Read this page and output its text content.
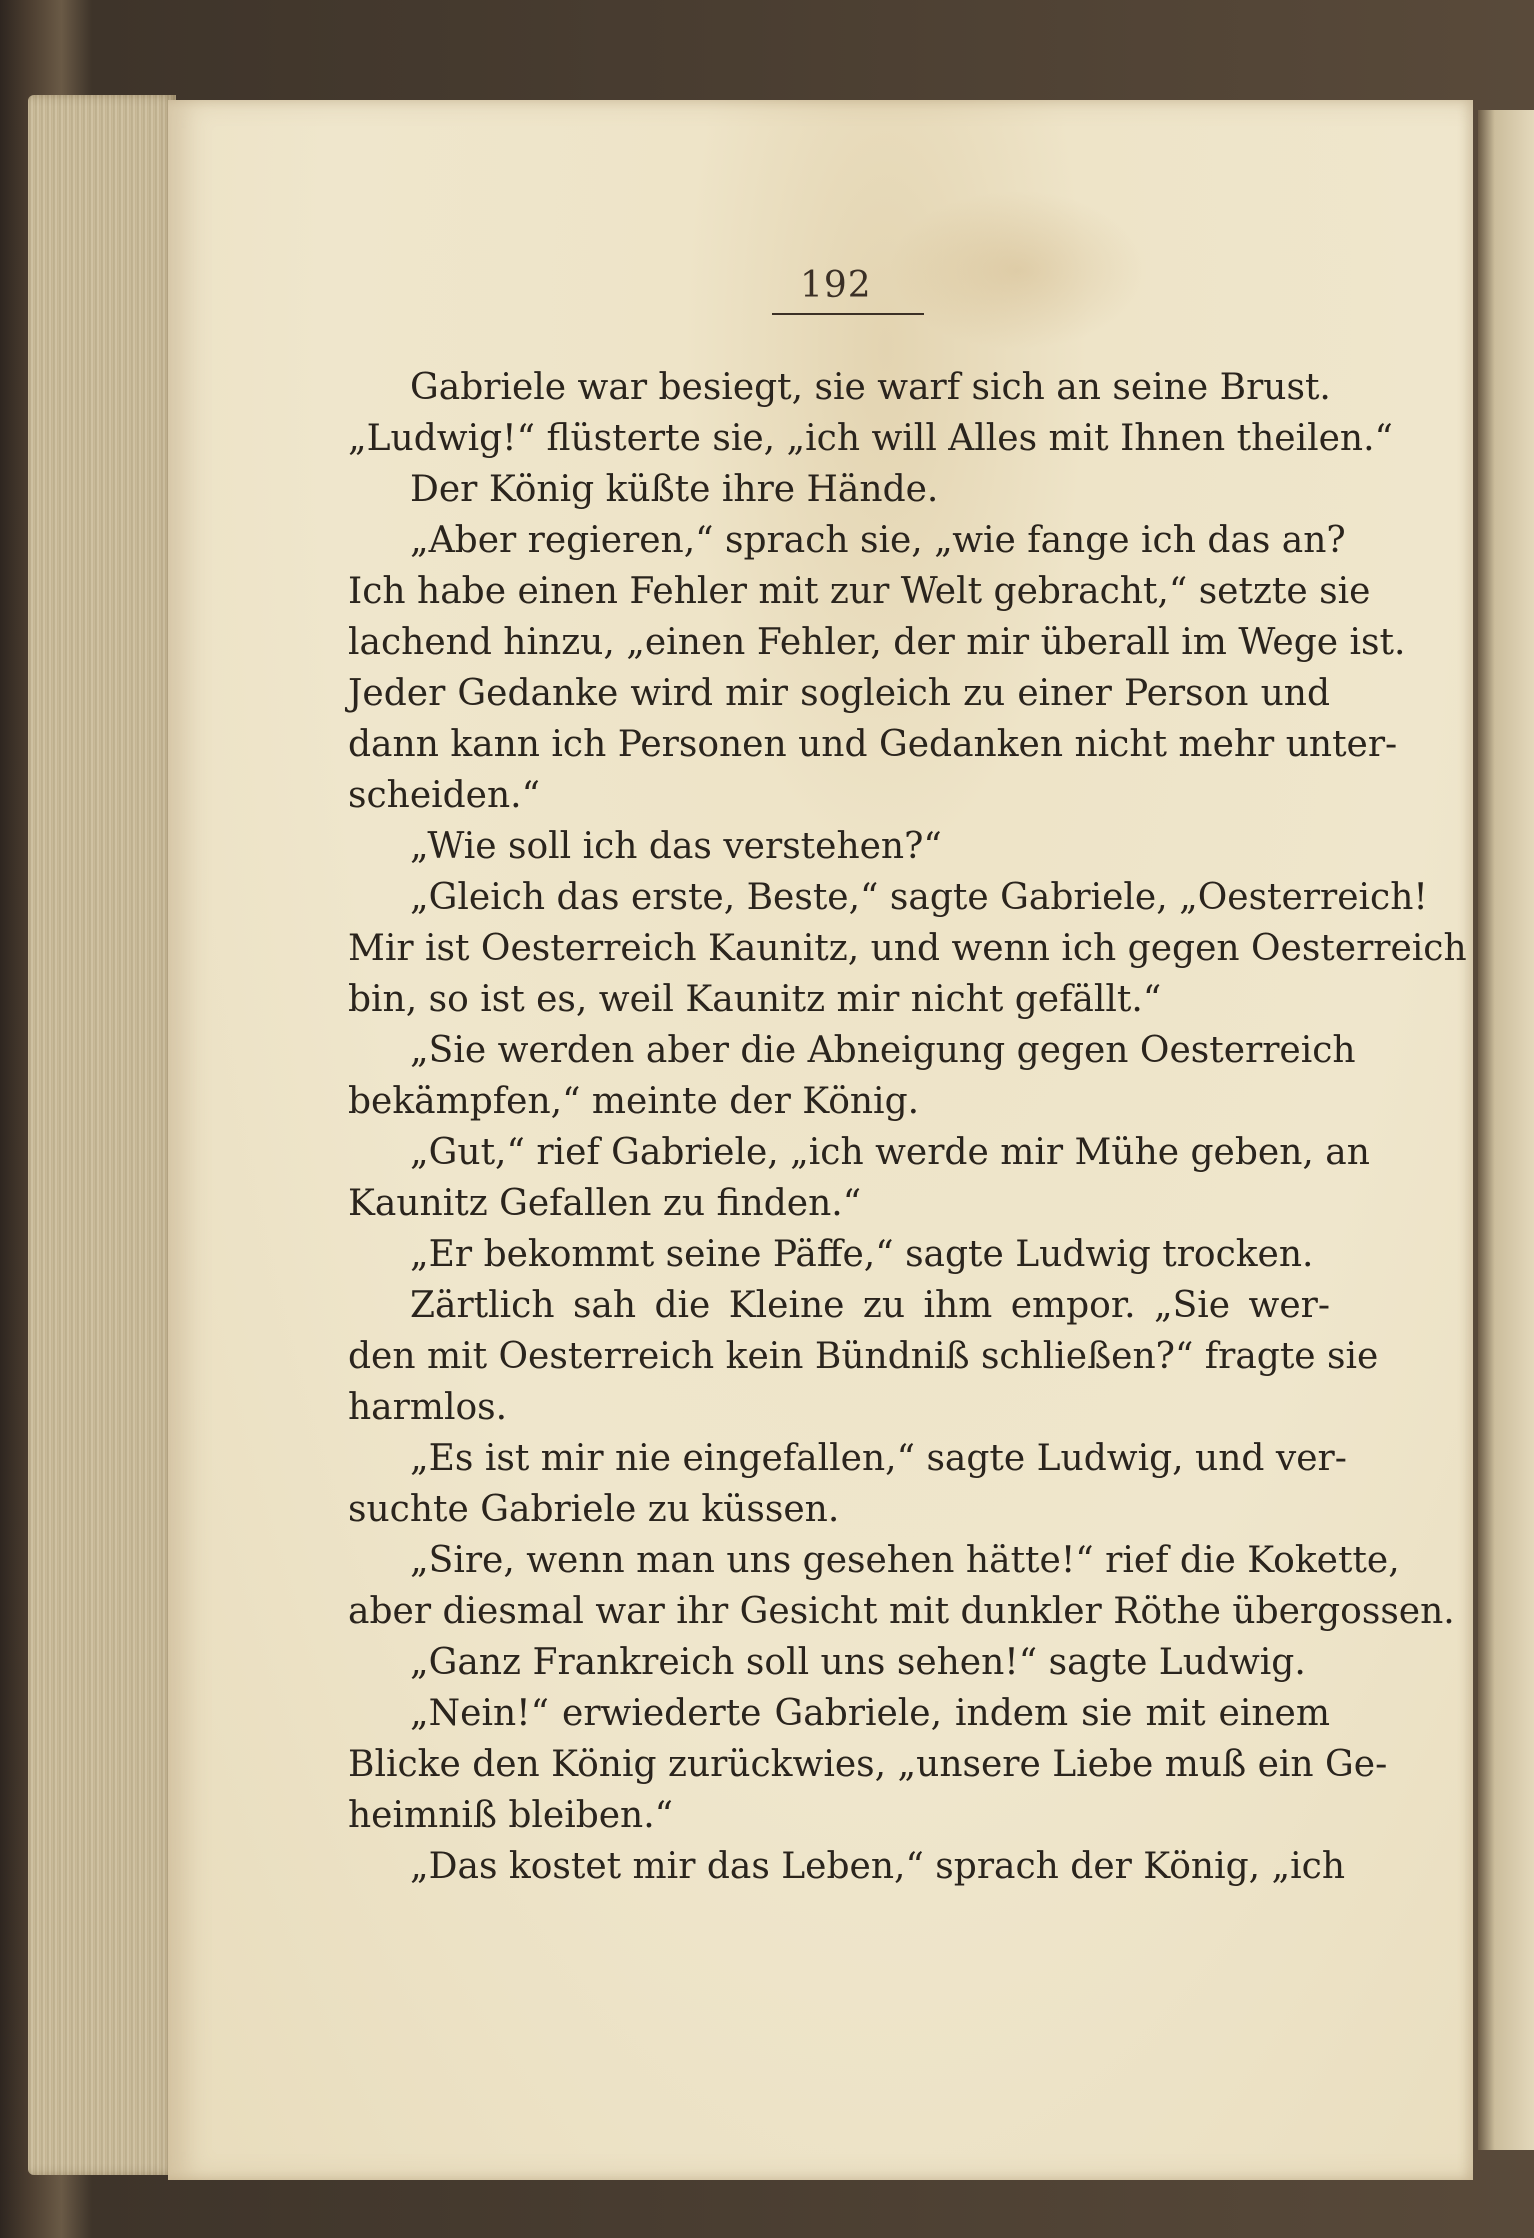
192
Gabriele war besiegt, sie warf sich an seine Brust.
„Ludwig!“ flüsterte sie, „ich will Alles mit Ihnen theilen.“
Der König küßte ihre Hände.
„Aber regieren,“ sprach sie, „wie fange ich das an?
Ich habe einen Fehler mit zur Welt gebracht,“ setzte sie
lachend hinzu, „einen Fehler, der mir überall im Wege ist.
Jeder Gedanke wird mir sogleich zu einer Person und
dann kann ich Personen und Gedanken nicht mehr unter-
scheiden.“
„Wie soll ich das verstehen?“
„Gleich das erste, Beste,“ sagte Gabriele, „Oesterreich!
Mir ist Oesterreich Kaunitz, und wenn ich gegen Oesterreich
bin, so ist es, weil Kaunitz mir nicht gefällt.“
„Sie werden aber die Abneigung gegen Oesterreich
bekämpfen,“ meinte der König.
„Gut,“ rief Gabriele, „ich werde mir Mühe geben, an
Kaunitz Gefallen zu finden.“
„Er bekommt seine Päffe,“ sagte Ludwig trocken.
Zärtlich sah die Kleine zu ihm empor. „Sie wer-
den mit Oesterreich kein Bündniß schließen?“ fragte sie
harmlos.
„Es ist mir nie eingefallen,“ sagte Ludwig, und ver-
suchte Gabriele zu küssen.
„Sire, wenn man uns gesehen hätte!“ rief die Kokette,
aber diesmal war ihr Gesicht mit dunkler Röthe übergossen.
„Ganz Frankreich soll uns sehen!“ sagte Ludwig.
„Nein!“ erwiederte Gabriele, indem sie mit einem
Blicke den König zurückwies, „unsere Liebe muß ein Ge-
heimniß bleiben.“
„Das kostet mir das Leben,“ sprach der König, „ich
